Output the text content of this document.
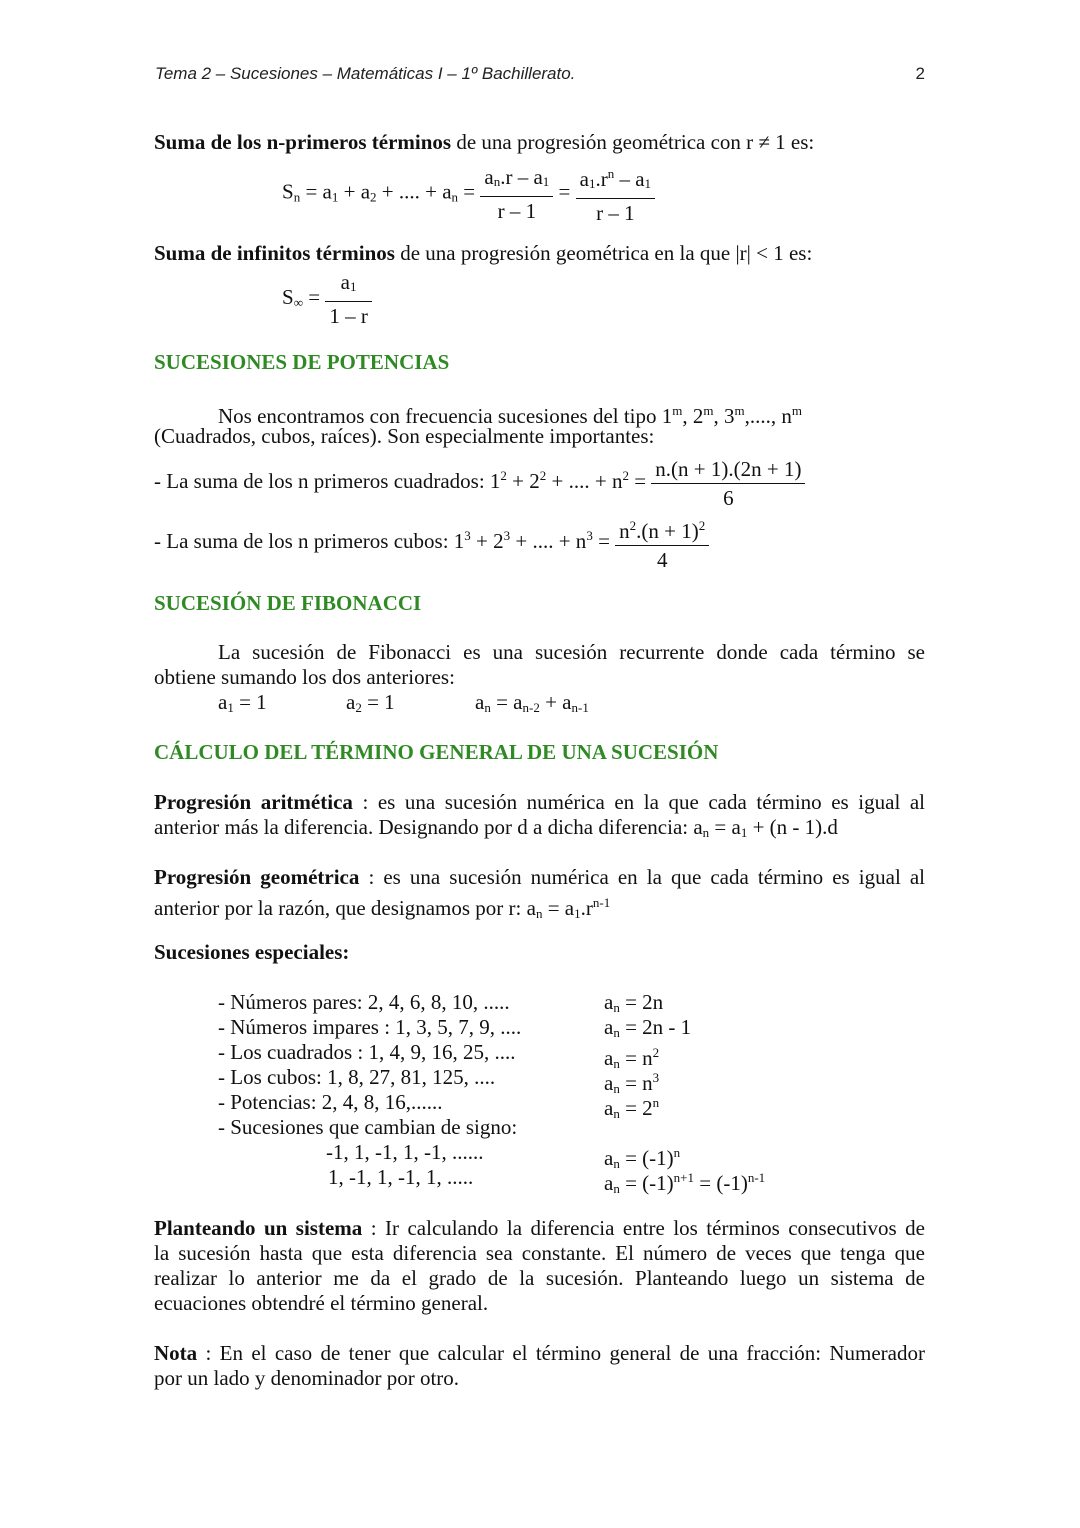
Tema 2 – Sucesiones – Matemáticas I – 1º Bachillerato.	2
Suma de los n-primeros términos de una progresión geométrica con r ≠ 1 es:
$S_n = a_1 + a_2$ + .... + $a_n = \frac{an.r - a1}{r - 1} = \frac{a1.r^n - a1}{r - 1}$
Suma de infinitos términos de una progresión geométrica en la que |r| < 1 es:
$S_\infty = \frac{a1}{1 - r}$
SUCESIONES DE POTENCIAS
Nos encontramos con frecuencia sucesiones del tipo 1$^m$, 2$^m$, 3$^m$,...., $n^m$
(Cuadrados, cubos, raíces). Son especialmente importantes:
- La suma de los n primeros cuadrados: $1^2 + 2^2$ + .... + $n^2 = \frac{n.(n + 1).(2n + 1)}{6}$
- La suma de los n primeros cubos: $1^3 + 2^3$ + .... + $n^3 = \frac{n^2.(n + 1)^2}{4}$
SUCESIÓN DE FIBONACCI
La sucesión de Fibonacci es una sucesión recurrente donde cada término se
obtiene sumando los dos anteriores:
$a_1 = 1$	$a_2 = 1$	$a_n = a_{n-2} + a_{n-1}$
CÁLCULO DEL TÉRMINO GENERAL DE UNA SUCESIÓN
Progresión aritmética : es una sucesión numérica en la que cada término es igual al
anterior más la diferencia. Designando por d a dicha diferencia: $a_n = a_1 + (n - 1).d$
Progresión geométrica : es una sucesión numérica en la que cada término es igual al
anterior por la razón, que designamos por r: $a_n = a_1.r^{n-1}$
Sucesiones especiales:
- Números pares: 2, 4, 6, 8, 10, .....	$a_n = 2n$
- Números impares : 1, 3, 5, 7, 9, ....	$a_n = 2n - 1$
- Los cuadrados : 1, 4, 9, 16, 25, ....	$a_n = n^2$
- Los cubos: 1, 8, 27, 81, 125, ....	$a_n = n^3$
- Potencias: 2, 4, 8, 16,......	$a_n = 2^n$
- Sucesiones que cambian de signo:
-1, 1, -1, 1, -1, ......	$a_n = (-1)^n$
1, -1, 1, -1, 1, .....	$a_n = (-1)^{n+1} = (-1)^{n-1}$
Planteando un sistema : Ir calculando la diferencia entre los términos consecutivos de
la sucesión hasta que esta diferencia sea constante. El número de veces que tenga que
realizar lo anterior me da el grado de la sucesión. Planteando luego un sistema de
ecuaciones obtendré el término general.
Nota : En el caso de tener que calcular el término general de una fracción: Numerador
por un lado y denominador por otro.
